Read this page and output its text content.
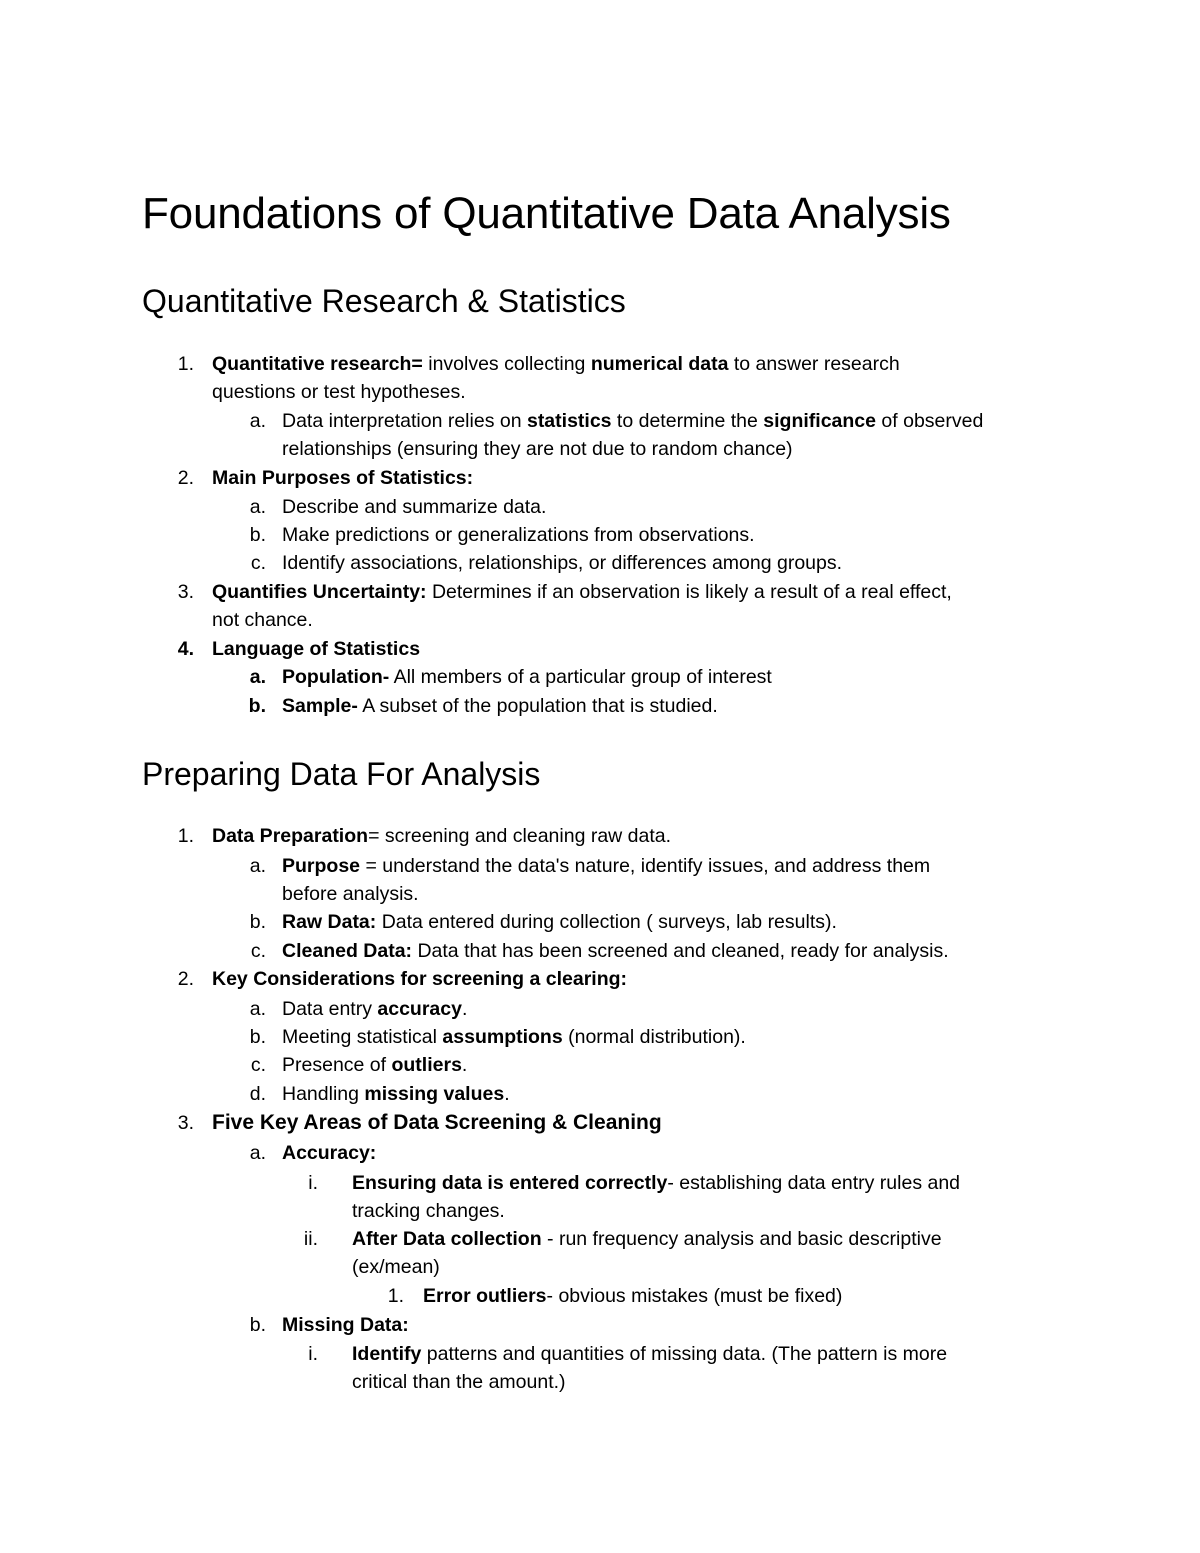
Foundations of Quantitative Data Analysis
Quantitative Research & Statistics
1. Quantitative research= involves collecting numerical data to answer research
questions or test hypotheses.
a. Data interpretation relies on statistics to determine the significance of observed
relationships (ensuring they are not due to random chance)
2. Main Purposes of Statistics:
a. Describe and summarize data.
b. Make predictions or generalizations from observations.
c. Identify associations, relationships, or differences among groups.
3. Quantifies Uncertainty: Determines if an observation is likely a result of a real effect,
not chance.
4. Language of Statistics
a. Population- All members of a particular group of interest
b. Sample- A subset of the population that is studied.
Preparing Data For Analysis
1. Data Preparation= screening and cleaning raw data.
a. Purpose = understand the data's nature, identify issues, and address them
before analysis.
b. Raw Data: Data entered during collection ( surveys, lab results).
c. Cleaned Data: Data that has been screened and cleaned, ready for analysis.
2. Key Considerations for screening a clearing:
a. Data entry accuracy.
b. Meeting statistical assumptions (normal distribution).
c. Presence of outliers.
d. Handling missing values.
3. Five Key Areas of Data Screening & Cleaning
a. Accuracy:
i. Ensuring data is entered correctly- establishing data entry rules and
tracking changes.
ii. After Data collection - run frequency analysis and basic descriptive
(ex/mean)
1. Error outliers- obvious mistakes (must be fixed)
b. Missing Data:
i. Identify patterns and quantities of missing data. (The pattern is more
critical than the amount.)
